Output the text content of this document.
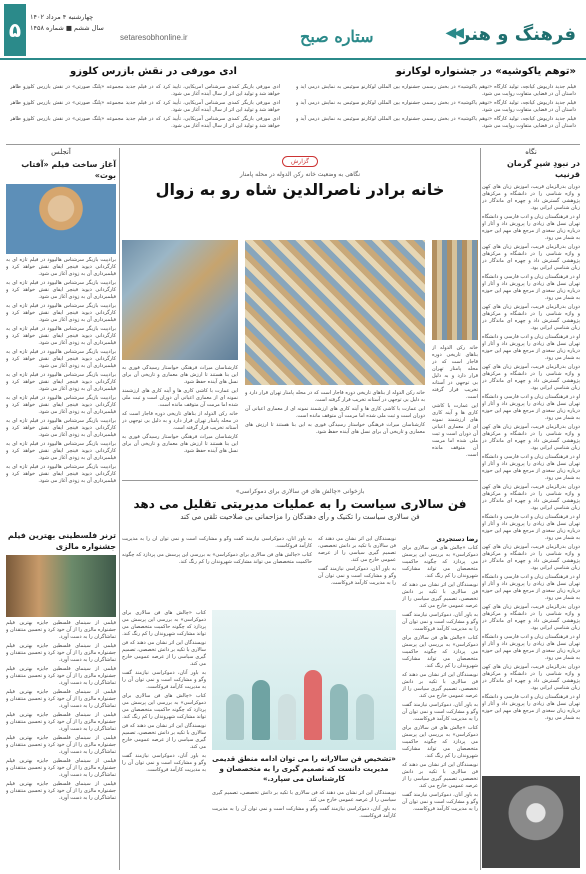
۵
چهارشنبه ۴ مرداد ۱۴۰۲
سال ششم ■ شماره ۱۴۵۸
setaresobhonline.ir	ستاره صبح	◀◀ فرهنگ و هنر
«توهم یاکوشیه» در جشنواره لوکارنو
ادی مورفی در نقش بازرس کلوزو

فیلم جدید داریوش کیانچه، تولید کارگاه «توهم یاکوشیه» در بخش رسمی جشنواره بین المللی لوکارنو سوئیس به نمایش درمی آید و داستان آن در فضایی متفاوت روایت می شود.

فیلم جدید داریوش کیانچه، تولید کارگاه «توهم یاکوشیه» در بخش رسمی جشنواره بین المللی لوکارنو سوئیس به نمایش درمی آید و داستان آن در فضایی متفاوت روایت می شود.

فیلم جدید داریوش کیانچه، تولید کارگاه «توهم یاکوشیه» در بخش رسمی جشنواره بین المللی لوکارنو سوئیس به نمایش درمی آید و داستان آن در فضایی متفاوت روایت می شود.

ادی مورفی بازیگر کمدی سرشناس آمریکایی، تأیید کرد که در فیلم جدید مجموعه «پلنگ صورتی» در نقش بازرس کلوزو ظاهر خواهد شد و تولید این اثر از سال آینده آغاز می شود.

ادی مورفی بازیگر کمدی سرشناس آمریکایی، تأیید کرد که در فیلم جدید مجموعه «پلنگ صورتی» در نقش بازرس کلوزو ظاهر خواهد شد و تولید این اثر از سال آینده آغاز می شود.

ادی مورفی بازیگر کمدی سرشناس آمریکایی، تأیید کرد که در فیلم جدید مجموعه «پلنگ صورتی» در نقش بازرس کلوزو ظاهر خواهد شد و تولید این اثر از سال آینده آغاز می شود.

نگاه
در نبودِ شیرِ گرمان قرنیب

دوران بدرالزمان قریب، آموزش زبان های کهن و واژه شناسی را در دانشگاه و مرکزهای پژوهشی گسترش داد و چهره ای ماندگار در زبان شناسی ایرانی بود.

او در فرهنگستان زبان و ادب فارسی و دانشگاه تهران نسل های زیادی را پرورش داد و آثار او درباره زبان سغدی از مرجع های مهم این حوزه به شمار می رود.

دوران بدرالزمان قریب، آموزش زبان های کهن و واژه شناسی را در دانشگاه و مرکزهای پژوهشی گسترش داد و چهره ای ماندگار در زبان شناسی ایرانی بود.

او در فرهنگستان زبان و ادب فارسی و دانشگاه تهران نسل های زیادی را پرورش داد و آثار او درباره زبان سغدی از مرجع های مهم این حوزه به شمار می رود.

دوران بدرالزمان قریب، آموزش زبان های کهن و واژه شناسی را در دانشگاه و مرکزهای پژوهشی گسترش داد و چهره ای ماندگار در زبان شناسی ایرانی بود.

او در فرهنگستان زبان و ادب فارسی و دانشگاه تهران نسل های زیادی را پرورش داد و آثار او درباره زبان سغدی از مرجع های مهم این حوزه به شمار می رود.

دوران بدرالزمان قریب، آموزش زبان های کهن و واژه شناسی را در دانشگاه و مرکزهای پژوهشی گسترش داد و چهره ای ماندگار در زبان شناسی ایرانی بود.

او در فرهنگستان زبان و ادب فارسی و دانشگاه تهران نسل های زیادی را پرورش داد و آثار او درباره زبان سغدی از مرجع های مهم این حوزه به شمار می رود.

دوران بدرالزمان قریب، آموزش زبان های کهن و واژه شناسی را در دانشگاه و مرکزهای پژوهشی گسترش داد و چهره ای ماندگار در زبان شناسی ایرانی بود.

او در فرهنگستان زبان و ادب فارسی و دانشگاه تهران نسل های زیادی را پرورش داد و آثار او درباره زبان سغدی از مرجع های مهم این حوزه به شمار می رود.

دوران بدرالزمان قریب، آموزش زبان های کهن و واژه شناسی را در دانشگاه و مرکزهای پژوهشی گسترش داد و چهره ای ماندگار در زبان شناسی ایرانی بود.

او در فرهنگستان زبان و ادب فارسی و دانشگاه تهران نسل های زیادی را پرورش داد و آثار او درباره زبان سغدی از مرجع های مهم این حوزه به شمار می رود.

دوران بدرالزمان قریب، آموزش زبان های کهن و واژه شناسی را در دانشگاه و مرکزهای پژوهشی گسترش داد و چهره ای ماندگار در زبان شناسی ایرانی بود.

او در فرهنگستان زبان و ادب فارسی و دانشگاه تهران نسل های زیادی را پرورش داد و آثار او درباره زبان سغدی از مرجع های مهم این حوزه به شمار می رود.

دوران بدرالزمان قریب، آموزش زبان های کهن و واژه شناسی را در دانشگاه و مرکزهای پژوهشی گسترش داد و چهره ای ماندگار در زبان شناسی ایرانی بود.

او در فرهنگستان زبان و ادب فارسی و دانشگاه تهران نسل های زیادی را پرورش داد و آثار او درباره زبان سغدی از مرجع های مهم این حوزه به شمار می رود.

دوران بدرالزمان قریب، آموزش زبان های کهن و واژه شناسی را در دانشگاه و مرکزهای پژوهشی گسترش داد و چهره ای ماندگار در زبان شناسی ایرانی بود.

او در فرهنگستان زبان و ادب فارسی و دانشگاه تهران نسل های زیادی را پرورش داد و آثار او درباره زبان سغدی از مرجع های مهم این حوزه به شمار می رود.

گزارش
نگاهی به وضعیت خانه رکن الدوله در محله پامنار
خانه برادر ناصرالدین شاه رو به زوال

کارشناسان میراث فرهنگی خواستار رسیدگی فوری به این بنا هستند تا ارزش های معماری و تاریخی آن برای نسل های آینده حفظ شود.

این عمارت با کاشی کاری ها و آینه کاری های ارزشمند نمونه ای از معماری اعیانی آن دوران است و ثبت ملی شده اما مرمت آن متوقف مانده است.

خانه رکن الدوله از بناهای تاریخی دوره قاجار است که در محله پامنار تهران قرار دارد و به دلیل بی توجهی در آستانه تخریب قرار گرفته است.

کارشناسان میراث فرهنگی خواستار رسیدگی فوری به این بنا هستند تا ارزش های معماری و تاریخی آن برای نسل های آینده حفظ شود.

خانه رکن الدوله از بناهای تاریخی دوره قاجار است که در محله پامنار تهران قرار دارد و به دلیل بی توجهی در آستانه تخریب قرار گرفته است.

این عمارت با کاشی کاری ها و آینه کاری های ارزشمند نمونه ای از معماری اعیانی آن دوران است و ثبت ملی شده اما مرمت آن متوقف مانده است.

کارشناسان میراث فرهنگی خواستار رسیدگی فوری به این بنا هستند تا ارزش های معماری و تاریخی آن برای نسل های آینده حفظ شود.

خانه رکن الدوله از بناهای تاریخی دوره قاجار است که در محله پامنار تهران قرار دارد و به دلیل بی توجهی در آستانه تخریب قرار گرفته است.

این عمارت با کاشی کاری ها و آینه کاری های ارزشمند نمونه ای از معماری اعیانی آن دوران است و ثبت ملی شده اما مرمت آن متوقف مانده است.

بازخوانی «چالش های فن سالاری برای دموکراسی»
فن سالاری سیاست را به عملیات مدیریتی تقلیل می دهد
فن سالاری سیاست را تکنیک و رأی دهندگان را مزاحمانی بی صلاحیت تلقی می کند
رضا دستجردی

کتاب «چالش های فن سالاری برای دموکراسی» به بررسی این پرسش می پردازد که چگونه حاکمیت متخصصان می تواند مشارکت شهروندان را کم رنگ کند.

نویسندگان این اثر نشان می دهند که فن سالاری با تکیه بر دانش تخصصی، تصمیم گیری سیاسی را از عرصه عمومی خارج می کند.

به باور آنان، دموکراسی نیازمند گفت وگو و مشارکت است و نمی توان آن را به مدیریت کارآمد فروکاست.

کتاب «چالش های فن سالاری برای دموکراسی» به بررسی این پرسش می پردازد که چگونه حاکمیت متخصصان می تواند مشارکت شهروندان را کم رنگ کند.

نویسندگان این اثر نشان می دهند که فن سالاری با تکیه بر دانش تخصصی، تصمیم گیری سیاسی را از عرصه عمومی خارج می کند.

به باور آنان، دموکراسی نیازمند گفت وگو و مشارکت است و نمی توان آن را به مدیریت کارآمد فروکاست.

کتاب «چالش های فن سالاری برای دموکراسی» به بررسی این پرسش می پردازد که چگونه حاکمیت متخصصان می تواند مشارکت شهروندان را کم رنگ کند.

نویسندگان این اثر نشان می دهند که فن سالاری با تکیه بر دانش تخصصی، تصمیم گیری سیاسی را از عرصه عمومی خارج می کند.

به باور آنان، دموکراسی نیازمند گفت وگو و مشارکت است و نمی توان آن را به مدیریت کارآمد فروکاست.

نویسندگان این اثر نشان می دهند که فن سالاری با تکیه بر دانش تخصصی، تصمیم گیری سیاسی را از عرصه عمومی خارج می کند.

به باور آنان، دموکراسی نیازمند گفت وگو و مشارکت است و نمی توان آن را به مدیریت کارآمد فروکاست.

به باور آنان، دموکراسی نیازمند گفت وگو و مشارکت است و نمی توان آن را به مدیریت کارآمد فروکاست.

کتاب «چالش های فن سالاری برای دموکراسی» به بررسی این پرسش می پردازد که چگونه حاکمیت متخصصان می تواند مشارکت شهروندان را کم رنگ کند.

کتاب «چالش های فن سالاری برای دموکراسی» به بررسی این پرسش می پردازد که چگونه حاکمیت متخصصان می تواند مشارکت شهروندان را کم رنگ کند.

نویسندگان این اثر نشان می دهند که فن سالاری با تکیه بر دانش تخصصی، تصمیم گیری سیاسی را از عرصه عمومی خارج می کند.

به باور آنان، دموکراسی نیازمند گفت وگو و مشارکت است و نمی توان آن را به مدیریت کارآمد فروکاست.

کتاب «چالش های فن سالاری برای دموکراسی» به بررسی این پرسش می پردازد که چگونه حاکمیت متخصصان می تواند مشارکت شهروندان را کم رنگ کند.

نویسندگان این اثر نشان می دهند که فن سالاری با تکیه بر دانش تخصصی، تصمیم گیری سیاسی را از عرصه عمومی خارج می کند.

به باور آنان، دموکراسی نیازمند گفت وگو و مشارکت است و نمی توان آن را به مدیریت کارآمد فروکاست.

«تشخیص فن سالارانه را می توان ادامه منطق قدیمی مدیریت دانست که تصمیم گیری را به متخصصان و کارشناسان می سپارد.»

نویسندگان این اثر نشان می دهند که فن سالاری با تکیه بر دانش تخصصی، تصمیم گیری سیاسی را از عرصه عمومی خارج می کند.

به باور آنان، دموکراسی نیازمند گفت وگو و مشارکت است و نمی توان آن را به مدیریت کارآمد فروکاست.

آنجلس
آغاز ساخت فیلم «آفتاب بوت»

برادپیت بازیگر سرشناس هالیوود در فیلم تازه ای به کارگردانی دیوید فینچر ایفای نقش خواهد کرد و فیلمبرداری آن به زودی آغاز می شود.

برادپیت بازیگر سرشناس هالیوود در فیلم تازه ای به کارگردانی دیوید فینچر ایفای نقش خواهد کرد و فیلمبرداری آن به زودی آغاز می شود.

برادپیت بازیگر سرشناس هالیوود در فیلم تازه ای به کارگردانی دیوید فینچر ایفای نقش خواهد کرد و فیلمبرداری آن به زودی آغاز می شود.

برادپیت بازیگر سرشناس هالیوود در فیلم تازه ای به کارگردانی دیوید فینچر ایفای نقش خواهد کرد و فیلمبرداری آن به زودی آغاز می شود.

برادپیت بازیگر سرشناس هالیوود در فیلم تازه ای به کارگردانی دیوید فینچر ایفای نقش خواهد کرد و فیلمبرداری آن به زودی آغاز می شود.

برادپیت بازیگر سرشناس هالیوود در فیلم تازه ای به کارگردانی دیوید فینچر ایفای نقش خواهد کرد و فیلمبرداری آن به زودی آغاز می شود.

برادپیت بازیگر سرشناس هالیوود در فیلم تازه ای به کارگردانی دیوید فینچر ایفای نقش خواهد کرد و فیلمبرداری آن به زودی آغاز می شود.

برادپیت بازیگر سرشناس هالیوود در فیلم تازه ای به کارگردانی دیوید فینچر ایفای نقش خواهد کرد و فیلمبرداری آن به زودی آغاز می شود.

برادپیت بازیگر سرشناس هالیوود در فیلم تازه ای به کارگردانی دیوید فینچر ایفای نقش خواهد کرد و فیلمبرداری آن به زودی آغاز می شود.

برادپیت بازیگر سرشناس هالیوود در فیلم تازه ای به کارگردانی دیوید فینچر ایفای نقش خواهد کرد و فیلمبرداری آن به زودی آغاز می شود.

ترنر فلسطینی بهترین فیلم جشنواره مالزی

فیلمی از سینمای فلسطین جایزه بهترین فیلم جشنواره مالزی را از آن خود کرد و تحسین منتقدان و تماشاگران را به دست آورد.

فیلمی از سینمای فلسطین جایزه بهترین فیلم جشنواره مالزی را از آن خود کرد و تحسین منتقدان و تماشاگران را به دست آورد.

فیلمی از سینمای فلسطین جایزه بهترین فیلم جشنواره مالزی را از آن خود کرد و تحسین منتقدان و تماشاگران را به دست آورد.

فیلمی از سینمای فلسطین جایزه بهترین فیلم جشنواره مالزی را از آن خود کرد و تحسین منتقدان و تماشاگران را به دست آورد.

فیلمی از سینمای فلسطین جایزه بهترین فیلم جشنواره مالزی را از آن خود کرد و تحسین منتقدان و تماشاگران را به دست آورد.

فیلمی از سینمای فلسطین جایزه بهترین فیلم جشنواره مالزی را از آن خود کرد و تحسین منتقدان و تماشاگران را به دست آورد.

فیلمی از سینمای فلسطین جایزه بهترین فیلم جشنواره مالزی را از آن خود کرد و تحسین منتقدان و تماشاگران را به دست آورد.

فیلمی از سینمای فلسطین جایزه بهترین فیلم جشنواره مالزی را از آن خود کرد و تحسین منتقدان و تماشاگران را به دست آورد.
